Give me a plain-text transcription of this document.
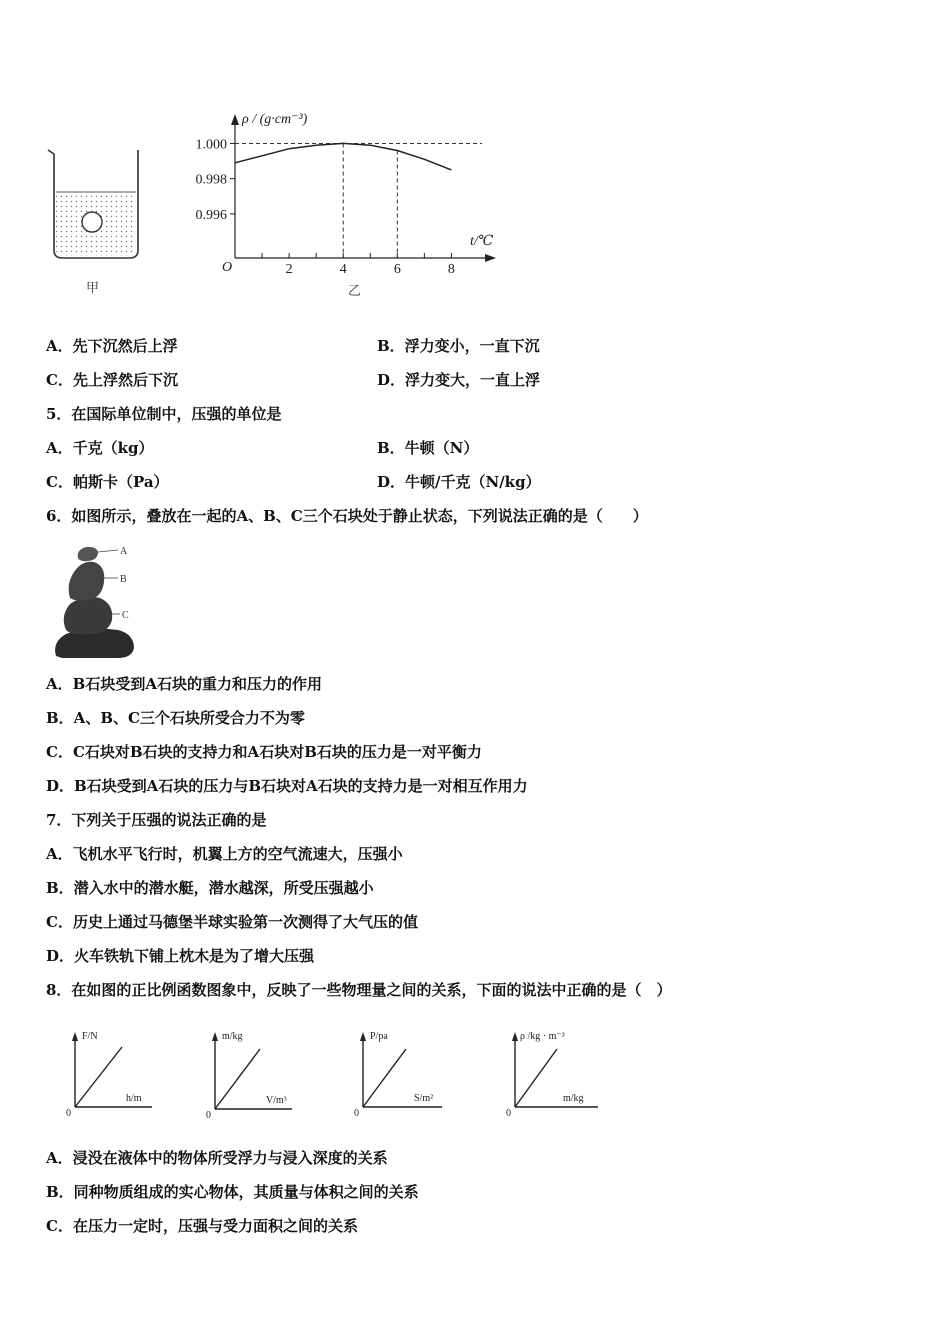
甲
ρ / (g·cm⁻³)
t/℃
O
1.000
0.998
0.996
2	4	6	8
乙
A．先下沉然后上浮	B．浮力变小，一直下沉
C．先上浮然后下沉	D．浮力变大，一直上浮
5．在国际单位制中，压强的单位是
A．千克（kg）	B．牛顿（N）
C．帕斯卡（Pa）	D．牛顿/千克（N/kg）
6．如图所示，叠放在一起的A、B、C三个石块处于静止状态，下列说法正确的是（　　）
A
B
C
A．B石块受到A石块的重力和压力的作用
B．A、B、C三个石块所受合力不为零
C．C石块对B石块的支持力和A石块对B石块的压力是一对平衡力
D．B石块受到A石块的压力与B石块对A石块的支持力是一对相互作用力
7．下列关于压强的说法正确的是
A．飞机水平飞行时，机翼上方的空气流速大，压强小
B．潜入水中的潜水艇，潜水越深，所受压强越小
C．历史上通过马德堡半球实验第一次测得了大气压的值
D．火车铁轨下铺上枕木是为了增大压强
8．在如图的正比例函数图象中，反映了一些物理量之间的关系，下面的说法中正确的是（　）
F/N
h/m
0
m/kg
V/m³
0
P/pa
S/m²
0
ρ /kg · m⁻³
m/kg
0
A．浸没在液体中的物体所受浮力与浸入深度的关系
B．同种物质组成的实心物体，其质量与体积之间的关系
C．在压力一定时，压强与受力面积之间的关系
